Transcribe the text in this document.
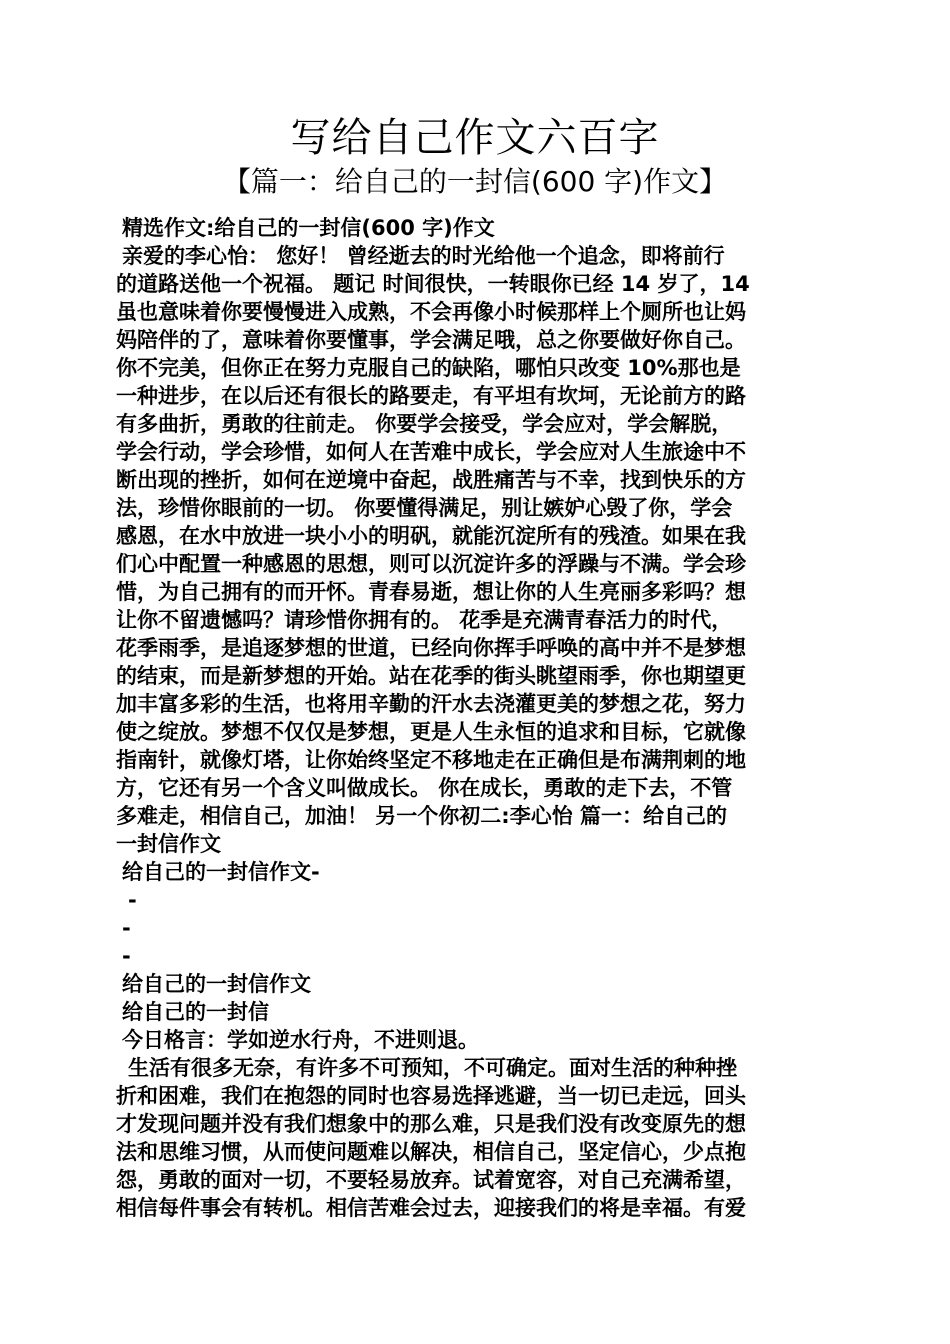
写给自己作文六百字
【篇一：给自己的一封信(600 字)作文】
精选作文:给自己的一封信(600 字)作文
亲爱的李心怡： 您好！ 曾经逝去的时光给他一个追念，即将前行
的道路送他一个祝福。 题记 时间很快，一转眼你已经 14 岁了，14
虽也意味着你要慢慢进入成熟，不会再像小时候那样上个厕所也让妈
妈陪伴的了，意味着你要懂事，学会满足哦，总之你要做好你自己。
你不完美，但你正在努力克服自己的缺陷，哪怕只改变 10%那也是
一种进步，在以后还有很长的路要走，有平坦有坎坷，无论前方的路
有多曲折，勇敢的往前走。 你要学会接受，学会应对，学会解脱，
学会行动，学会珍惜，如何人在苦难中成长，学会应对人生旅途中不
断出现的挫折，如何在逆境中奋起，战胜痛苦与不幸，找到快乐的方
法，珍惜你眼前的一切。 你要懂得满足，别让嫉妒心毁了你，学会
感恩，在水中放进一块小小的明矾，就能沉淀所有的残渣。如果在我
们心中配置一种感恩的思想，则可以沉淀许多的浮躁与不满。学会珍
惜，为自己拥有的而开怀。青春易逝，想让你的人生亮丽多彩吗？想
让你不留遗憾吗？请珍惜你拥有的。 花季是充满青春活力的时代，
花季雨季，是追逐梦想的世道，已经向你挥手呼唤的高中并不是梦想
的结束，而是新梦想的开始。站在花季的街头眺望雨季，你也期望更
加丰富多彩的生活，也将用辛勤的汗水去浇灌更美的梦想之花，努力
使之绽放。梦想不仅仅是梦想，更是人生永恒的追求和目标，它就像
指南针，就像灯塔，让你始终坚定不移地走在正确但是布满荆刺的地
方，它还有另一个含义叫做成长。 你在成长，勇敢的走下去，不管
多难走，相信自己，加油！ 另一个你初二:李心怡 篇一：给自己的
一封信作文
给自己的一封信作文-
-
-
-
给自己的一封信作文
给自己的一封信
今日格言：学如逆水行舟，不进则退。
生活有很多无奈，有许多不可预知，不可确定。面对生活的种种挫
折和困难，我们在抱怨的同时也容易选择逃避，当一切已走远，回头
才发现问题并没有我们想象中的那么难，只是我们没有改变原先的想
法和思维习惯，从而使问题难以解决，相信自己，坚定信心，少点抱
怨，勇敢的面对一切，不要轻易放弃。试着宽容，对自己充满希望，
相信每件事会有转机。相信苦难会过去，迎接我们的将是幸福。有爱
